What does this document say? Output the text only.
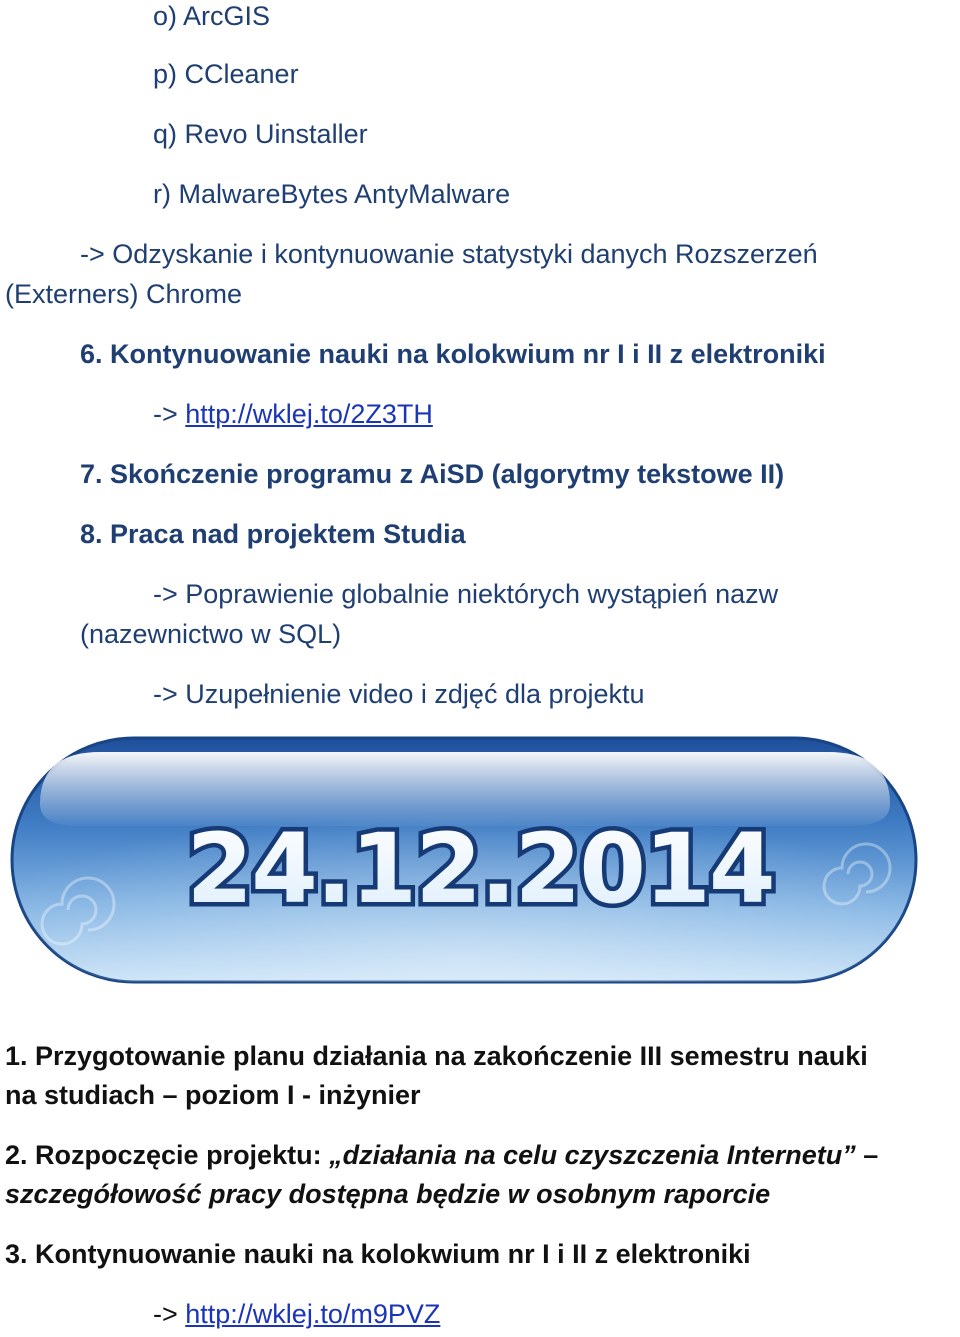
o) ArcGIS
p) CCleaner
q) Revo Uinstaller
r) MalwareBytes AntyMalware
-> Odzyskanie i kontynuowanie statystyki danych Rozszerzeń
(Externers) Chrome
6. Kontynuowanie nauki na kolokwium nr I i II z elektroniki
-> http://wklej.to/2Z3TH
7. Skończenie programu z AiSD (algorytmy tekstowe II)
8. Praca nad projektem Studia
-> Poprawienie globalnie niektórych wystąpień nazw
(nazewnictwo w SQL)
-> Uzupełnienie video i zdjęć dla projektu
24.12.2014
1. Przygotowanie planu działania na zakończenie III semestru nauki
na studiach – poziom I - inżynier
2. Rozpoczęcie projektu: „działania na celu czyszczenia Internetu” –
szczegółowość pracy dostępna będzie w osobnym raporcie
3. Kontynuowanie nauki na kolokwium nr I i II z elektroniki
-> http://wklej.to/m9PVZ
